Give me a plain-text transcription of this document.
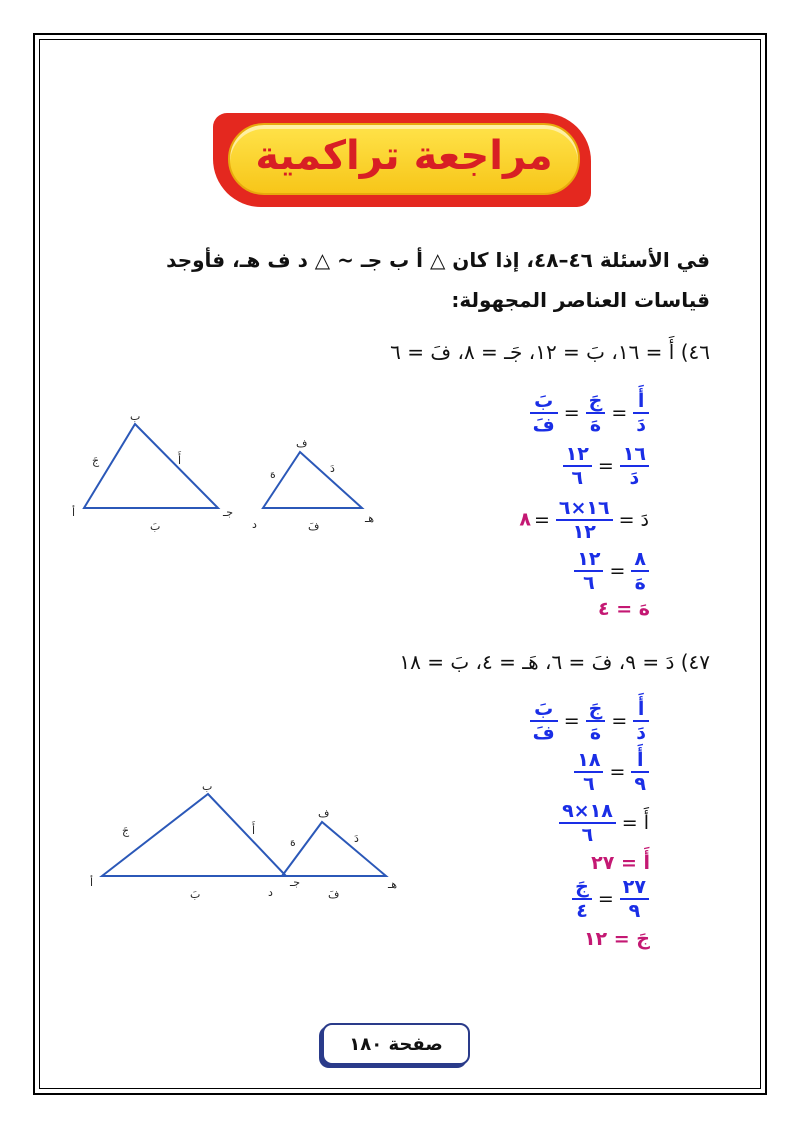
مراجعة تراكمية
في الأسئلة ٤٦–٤٨، إذا كان △ أ ب جـ ~ △ د ف هـ، فأوجد
قياسات العناصر المجهولة:
٤٦) أَ = ١٦، بَ = ١٢، جَـ = ٨، فَ = ٦
$\frac{\text{أَ}}{\text{دَ}}$
=
$\frac{\text{جَ}}{\text{هَ}}$
=
$\frac{\text{بَ}}{\text{فَ}}$
$\frac{١٦}{\text{دَ}}$
=
$\frac{١٢}{٦}$
دَ=
$\frac{١٦\times ٦}{١٢}$
=٨
$\frac{٨}{\text{هَ}}$
=
$\frac{١٢}{٦}$
هَ = ٤
ب
أ	جـ
جَ	أَ
بَ
ف
د	هـ
هَ	دَ
فَ
٤٧) دَ = ٩، فَ = ٦، هَـ = ٤، بَ = ١٨
$\frac{\text{أَ}}{\text{دَ}}$
=
$\frac{\text{جَ}}{\text{هَ}}$
=
$\frac{\text{بَ}}{\text{فَ}}$
$\frac{\text{أَ}}{٩}$
=
$\frac{١٨}{٦}$
أَ=
$\frac{١٨\times ٩}{٦}$
أَ = ٢٧
$\frac{٢٧}{٩}$
=
$\frac{\text{جَ}}{٤}$
جَ = ١٢
ب
أ	جـ
جَ	أَ
بَ
ف
د
هـ
هَ	دَ
فَ
صفحة ١٨٠
